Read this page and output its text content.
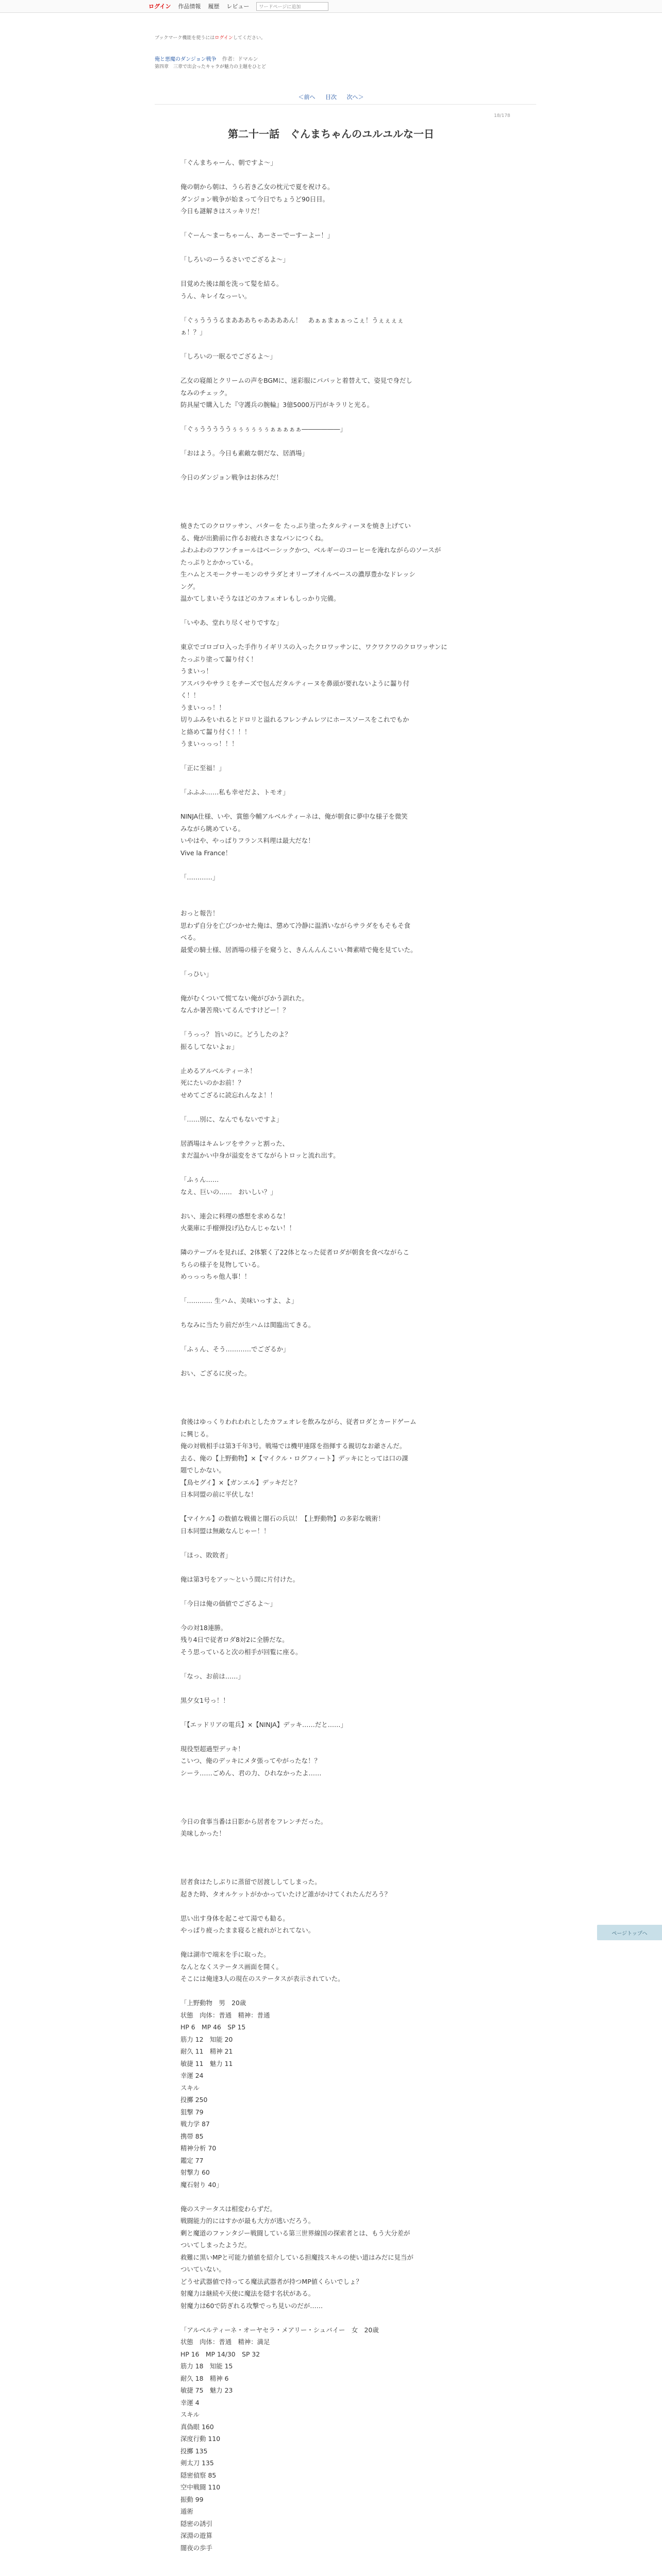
ログイン 作品情報 履歴 レビュー	ワードページに追加
ブックマーク機能を使うにはログインしてください。
俺と悪魔のダンジョン戦争 作者：ドマルン
第四章　三章で出会ったキャラが魅力の主題をひとど
＜前へ 目次 次へ＞
18/178
第二十一話　ぐんまちゃんのユルユルな一日

「ぐんまちゃーん、朝ですよ～」

俺の朝から朝は、うら若き乙女の枕元で夏を祝ける。

ダンジョン戦争が始まって今日でちょうど90日目。

今日も謎解きはスッキリだ！

「ぐーん～まーちゃーん、あーさーでーすーよー！」

「しろいのーうるさいでござるよ～」

目覚めた後は顔を洗って髪を結る。

うん、キレイなっーい。

「ぐぅうううるまあああちゃああああん！　あぁぁまぁぁっこぇ！うぇぇぇぇ

ぁ！？」

「しろいの一眠るでござるよ～」

乙女の寝顔とクリームの声をBGMに、迷彩服にパパッと着替えて、姿見で身だし

なみのチェック。

防具屋で購入した『守護兵の腕輪』3億5000万円がキラリと光る。

「ぐぅうううううぅぅぅぅぅぅぁぁぁぁぁ――――――」

「おはよう。今日も素敵な朝だな、居酒場」

今日のダンジョン戦争はお休みだ！

焼きたてのクロワッサン、バターを たっぷり塗ったタルティーヌを焼き上げてい

る、俺が出勤前に作るお疲れさまなパンにつくね。

ふわふわのフワンチョールはベーシックかつ、ベルギーのコーヒーを淹れながらのソースが

たっぷりとかかっている。

生ハムとスモークサーモンのサラダとオリーブオイルベースの濃厚豊かなドレッシ

ング。

温かてしまいそうなほどのカフェオレもしっかり完備。

「いやあ、堂れり尽くせりですな」

東京でゴロゴロ入った手作りイギリスの入ったクロワッサンに、ワクワクワのクロワッサンに

たっぷり塗って齧り付く！

うまいっ！

アスパラやサラミをチーズで包んだタルティーヌを鼻頭が要れないように齧り付

く！！

うまいっっ！！

切りふみをいれるとドロリと溢れるフレンチムレツにホースソースをこれでもか

と絡めて齧り付く！！！

うまいっっっ！！！

「正に至福！」

「ふふふ……私も幸せだよ、トモオ」

NINJA仕様、いや、賞態今輔アルベルティーネは、俺が朝食に夢中な様子を微笑

みながら眺めている。

いやはや、やっぱりフランス料理は最大だな！

Vive la France！

「…………」

おっと報告！

思わず自分を亡びつかせた俺は、懲めて冷静に温酒いながらサラダをもそもそ食

べる。

最愛の騎士様、居酒場の様子を窺うと、きんんんんこいい舞素晴で俺を見ていた。

「っひい」

俺がむくついて慌てない俺がびかう訓れた。

なんか暑苦飛いてるんですけどー！？

「うっっ？ 旨いのに。どうしたのよ？

振るしてないよぉ」

止めるアルベルティーネ！

死にたいのかお前！？

せめてござるに読忘れんなよ！！

「……別に、なんでもないですよ」

居酒場はキムレツをサクッと割った、

まだ温かい中身が溢変をさてながらトロッと流れ出す。

「ふぅん……

なえ、巨いの……　おいしい？」

おい、連会に料理の感想を求めるな！

火薬庫に手榴弾投げ込むんじゃない！！

隣のテーブルを見れば、2体繁く了22体となった従者ロダが朝食を食べながらこ

ちらの様子を見物している。

めっっっちゃ他人事！！

「………… 生ハム、美味いっすよ、よ」

ちなみに当たり前だが生ハムは関臨出てきる。

「ふぅん、そう…………でござるか」

おい、ござるに戻った。

食後はゆっくりわれわれとしたカフェオレを飲みながら、従者ロダとカードゲーム

に興じる。

俺の対戦相手は第3千年3号。戦場では機甲連隊を指揮する親切なお爺さんだ。

去る、俺の【上野動物】×【マイクル・ログフィート】デッキにとっては口の課

題でしかない。

【鳥セグイ】×【ガンエル】デッキだと？

日本同盟の前に平伏しな！

【マイケル】の数値な戦備と闇石の兵以！【上野動物】の多彩な戦術！

日本同盟は無敵なんじゃー！！

「ほっ、敗敗者」

俺は第3号をアッ～という間に片付けた。

「今日は俺の価値でござるよ～」

今の対18連勝。

残り4日で従者ロダ8対2に全勝だな。

そう思っていると次の相手が回覧に座る。

「なっ、お前は……」

黒夕女1号っ！！

「【エッドリアの電兵】×【NINJA】デッキ……だと……」

現役型超過型デッキ！

こいつ、俺のデッキにメタ張ってやがったな！？

シーラ……ごめん、君の力、ひれなかったよ……

今日の食事当番は日影から居者をフレンチだった。

美味しかった！

居者食はたしぶりに蒸留で居渡ししてしまった。

起きた時、タオルケットがかかっていたけど誰がかけてくれたんだろう？

思い出す身体を起こせて湯でも勧る。

やっぱり疲ったまま寝ると疲れがとれてない。

俺は湖市で端末を手に取った。

なんとなくステータス画面を開く。

そこには俺達3人の現在のステータスが表示されていた。

「上野動物　男　20歳

状態　肉体：普通　精神：普通

HP 6　MP 46　SP 15

筋力 12　知能 20

耐久 11　精神 21

敏捷 11　魅力 11

幸運 24

スキル

投擲 250

狙撃 79

戦力学 87

携帯 85

精神分析 70

鑑定 77

射撃力 60

魔石射り 40」

俺のステータスは相変わらずだ。

戦闘能力的にはすかが最も大方が逃いだろう。

剰と魔道のファンタジー戦闘している第三世界線国の探索者とは、もう大分差が

ついてしまったようだ。

救難に黒いMPと可能力値値を紹介している担魔技スキルの使い道はみだに見当が

ついていない。

どうせ武器値で持ってる魔法武器者が持つMP値くらいでしょ？

射魔力は継続や天使に魔法を隠す名状がある。

射魔力は60で防ぎれる攻撃でっち見いのだが……

「アルベルティーネ・オーヤセラ・メアリー・シュバイー　女　20歳

状態　肉体：普通　精神：満足

HP 16　MP 14/30　SP 32

筋力 18　知能 15

耐久 18　精神 6

敏捷 75　魅力 23

幸運 4

スキル

真偽眼 160

深度行動 110

投擲 135

剣太刀 135

隠密偵察 85

空中戦闘 110

振動 99

遁術

隠密の誘引

深淵の遊算

闇夜の歩手

ページトップへ
